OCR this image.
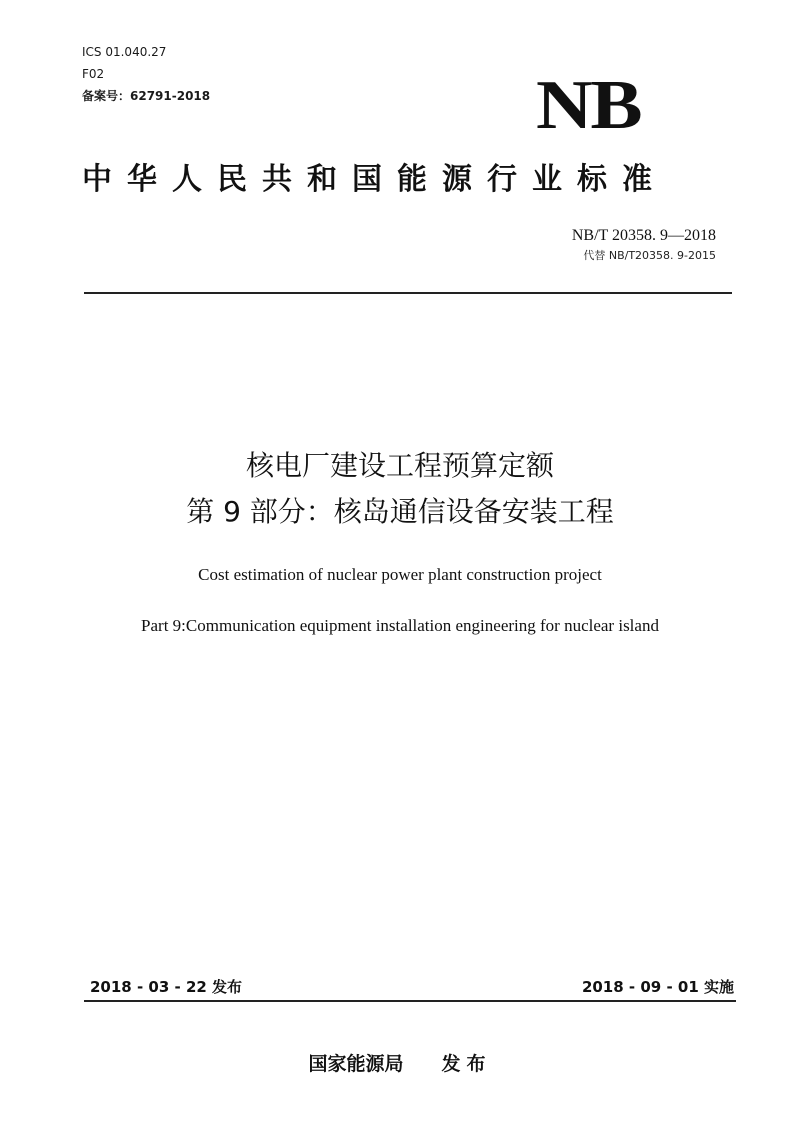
ICS 01.040.27
F02
备案号：62791-2018	NB
中华人民共和国能源行业标准
NB/T 20358. 9—2018
代替 NB/T20358. 9-2015
核电厂建设工程预算定额
第 9 部分：核岛通信设备安装工程
Cost estimation of nuclear power plant construction project
Part 9:Communication equipment installation engineering for nuclear island
2018 - 03 - 22 发布	2018 - 09 - 01 实施
国家能源局 发布
